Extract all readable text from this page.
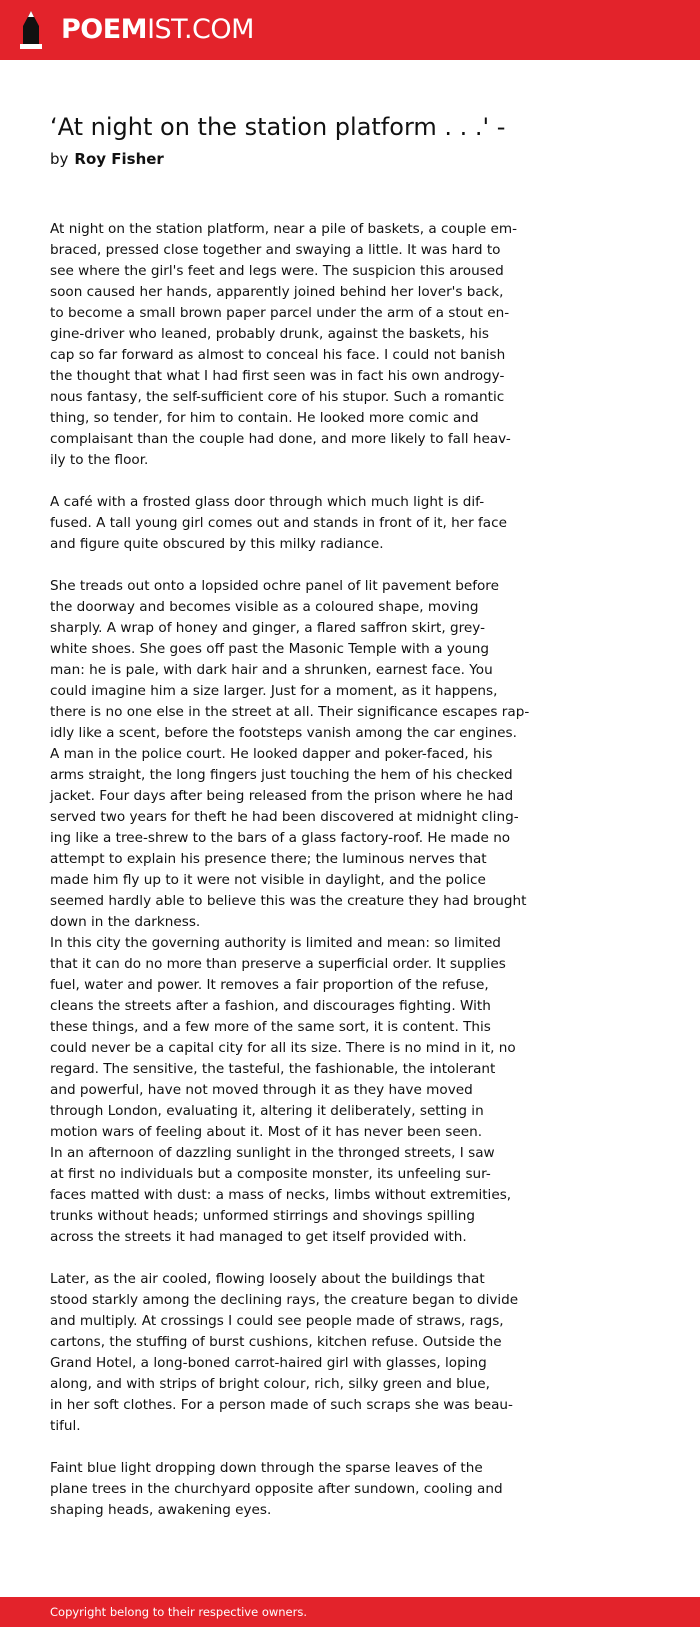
POEMIST.COM
‘At night on the station platform . . .' -
by Roy Fisher
At night on the station platform, near a pile of baskets, a couple em-
braced, pressed close together and swaying a little. It was hard to
see where the girl's feet and legs were. The suspicion this aroused
soon caused her hands, apparently joined behind her lover's back,
to become a small brown paper parcel under the arm of a stout en-
gine-driver who leaned, probably drunk, against the baskets, his
cap so far forward as almost to conceal his face. I could not banish
the thought that what I had first seen was in fact his own androgy-
nous fantasy, the self-sufficient core of his stupor. Such a romantic
thing, so tender, for him to contain. He looked more comic and
complaisant than the couple had done, and more likely to fall heav-
ily to the floor.
A café with a frosted glass door through which much light is dif-
fused. A tall young girl comes out and stands in front of it, her face
and figure quite obscured by this milky radiance.
She treads out onto a lopsided ochre panel of lit pavement before
the doorway and becomes visible as a coloured shape, moving
sharply. A wrap of honey and ginger, a flared saffron skirt, grey-
white shoes. She goes off past the Masonic Temple with a young
man: he is pale, with dark hair and a shrunken, earnest face. You
could imagine him a size larger. Just for a moment, as it happens,
there is no one else in the street at all. Their significance escapes rap-
idly like a scent, before the footsteps vanish among the car engines.
A man in the police court. He looked dapper and poker-faced, his
arms straight, the long fingers just touching the hem of his checked
jacket. Four days after being released from the prison where he had
served two years for theft he had been discovered at midnight cling-
ing like a tree-shrew to the bars of a glass factory-roof. He made no
attempt to explain his presence there; the luminous nerves that
made him fly up to it were not visible in daylight, and the police
seemed hardly able to believe this was the creature they had brought
down in the darkness.
In this city the governing authority is limited and mean: so limited
that it can do no more than preserve a superficial order. It supplies
fuel, water and power. It removes a fair proportion of the refuse,
cleans the streets after a fashion, and discourages fighting. With
these things, and a few more of the same sort, it is content. This
could never be a capital city for all its size. There is no mind in it, no
regard. The sensitive, the tasteful, the fashionable, the intolerant
and powerful, have not moved through it as they have moved
through London, evaluating it, altering it deliberately, setting in
motion wars of feeling about it. Most of it has never been seen.
In an afternoon of dazzling sunlight in the thronged streets, I saw
at first no individuals but a composite monster, its unfeeling sur-
faces matted with dust: a mass of necks, limbs without extremities,
trunks without heads; unformed stirrings and shovings spilling
across the streets it had managed to get itself provided with.
Later, as the air cooled, flowing loosely about the buildings that
stood starkly among the declining rays, the creature began to divide
and multiply. At crossings I could see people made of straws, rags,
cartons, the stuffing of burst cushions, kitchen refuse. Outside the
Grand Hotel, a long-boned carrot-haired girl with glasses, loping
along, and with strips of bright colour, rich, silky green and blue,
in her soft clothes. For a person made of such scraps she was beau-
tiful.
Faint blue light dropping down through the sparse leaves of the
plane trees in the churchyard opposite after sundown, cooling and
shaping heads, awakening eyes.
Copyright belong to their respective owners.
